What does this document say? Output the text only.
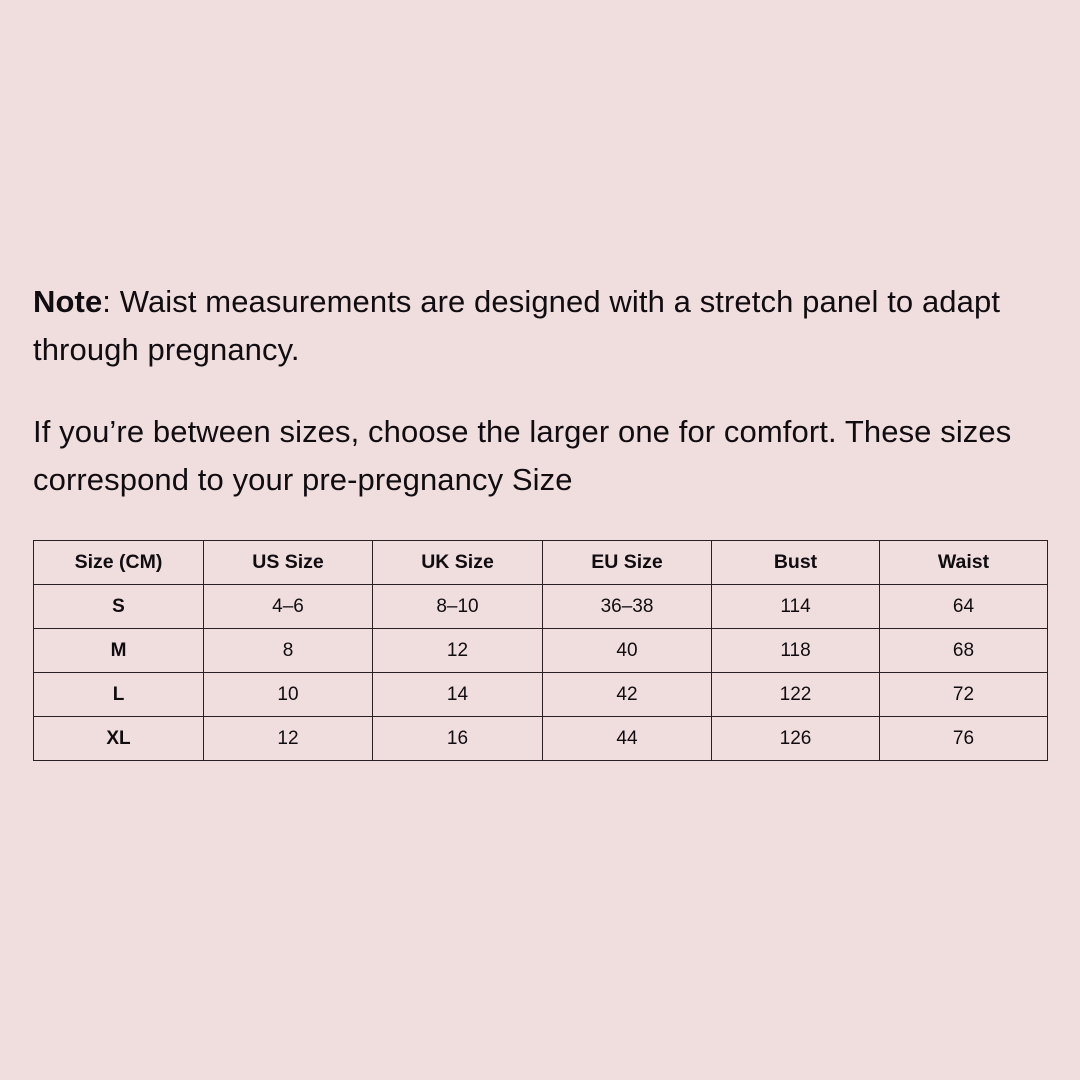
Note: Waist measurements are designed with a stretch panel to adapt through pregnancy.

If you’re between sizes, choose the larger one for comfort. These sizes correspond to your pre-pregnancy Size

Size (CM)	US Size	UK Size	EU Size	Bust	Waist
S	4–6	8–10	36–38	114	64
M	8	12	40	118	68
L	10	14	42	122	72
XL	12	16	44	126	76
